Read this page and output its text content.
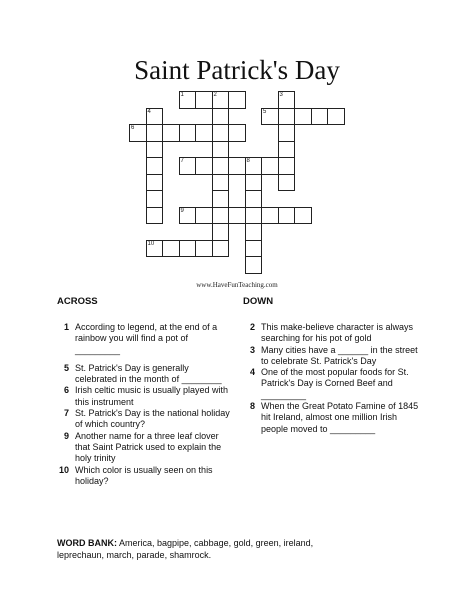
Saint Patrick's Day
1	2	3
4	5
6
7	8
9
10
www.HaveFunTeaching.com
ACROSS	DOWN
1 According to legend, at the end of a rainbow you will find a pot of _________
5 St. Patrick's Day is generally celebrated in the month of ________
6 Irish celtic music is usually played with this instrument
7 St. Patrick's Day is the national holiday of which country?
9 Another name for a three leaf clover that Saint Patrick used to explain the holy trinity
10 Which color is usually seen on this holiday?
2 This make-believe character is always searching for his pot of gold
3 Many cities have a ______ in the street to celebrate St. Patrick's Day
4 One of the most popular foods for St. Patrick's Day is Corned Beef and _________
8 When the Great Potato Famine of 1845 hit Ireland, almost one million Irish people moved to _________
WORD BANK: America, bagpipe, cabbage, gold, green, ireland, leprechaun, march, parade, shamrock.
